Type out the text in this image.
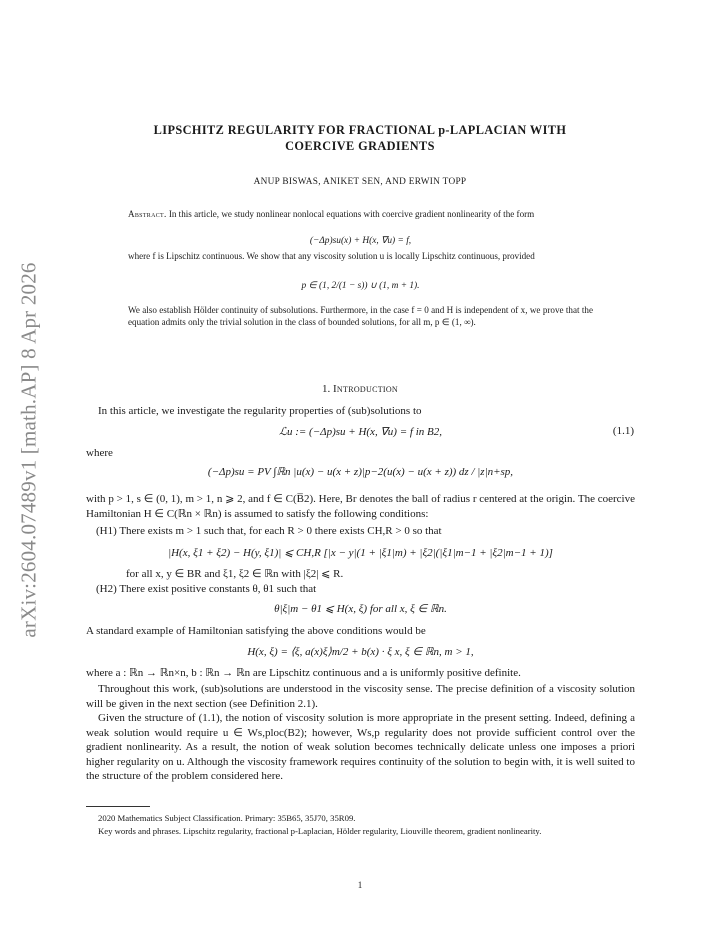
arXiv:2604.07489v1 [math.AP] 8 Apr 2026
LIPSCHITZ REGULARITY FOR FRACTIONAL p-LAPLACIAN WITH
COERCIVE GRADIENTS
ANUP BISWAS, ANIKET SEN, AND ERWIN TOPP
Abstract. In this article, we study nonlinear nonlocal equations with coercive gradient nonlinearity of the form
(−Δp)su(x) + H(x, ∇u) = f,
where f is Lipschitz continuous. We show that any viscosity solution u is locally Lipschitz continuous, provided
p ∈ (1, 2/(1 − s)) ∪ (1, m + 1).
We also establish Hölder continuity of subsolutions. Furthermore, in the case f = 0 and H is independent of x, we prove that the equation admits only the trivial solution in the class of bounded solutions, for all m, p ∈ (1, ∞).
1. Introduction
In this article, we investigate the regularity properties of (sub)solutions to
ℒu := (−Δp)su + H(x, ∇u) = f in B2,	(1.1)
where
(−Δp)su = PV ∫ℝn |u(x) − u(x + z)|p−2(u(x) − u(x + z)) dz / |z|n+sp,
with p > 1, s ∈ (0, 1), m > 1, n ⩾ 2, and f ∈ C(B̅2). Here, Br denotes the ball of radius r centered at the origin. The coercive Hamiltonian H ∈ C(ℝn × ℝn) is assumed to satisfy the following conditions:
(H1) There exists m > 1 such that, for each R > 0 there exists CH,R > 0 so that
|H(x, ξ1 + ξ2) − H(y, ξ1)| ⩽ CH,R [|x − y|(1 + |ξ1|m) + |ξ2|(|ξ1|m−1 + |ξ2|m−1 + 1)]
for all x, y ∈ BR and ξ1, ξ2 ∈ ℝn with |ξ2| ⩽ R.
(H2) There exist positive constants θ, θ1 such that
θ|ξ|m − θ1 ⩽ H(x, ξ) for all x, ξ ∈ ℝn.
A standard example of Hamiltonian satisfying the above conditions would be
H(x, ξ) = ⟨ξ, a(x)ξ⟩m/2 + b(x) · ξ x, ξ ∈ ℝn, m > 1,
where a : ℝn → ℝn×n, b : ℝn → ℝn are Lipschitz continuous and a is uniformly positive definite.
Throughout this work, (sub)solutions are understood in the viscosity sense. The precise definition of a viscosity solution will be given in the next section (see Definition 2.1).
Given the structure of (1.1), the notion of viscosity solution is more appropriate in the present setting. Indeed, defining a weak solution would require u ∈ Ws,ploc(B2); however, Ws,p regularity does not provide sufficient control over the gradient nonlinearity. As a result, the notion of weak solution becomes technically delicate unless one imposes a priori higher regularity on u. Although the viscosity framework requires continuity of the solution to begin with, it is well suited to the structure of the problem considered here.
2020 Mathematics Subject Classification. Primary: 35B65, 35J70, 35R09.
Key words and phrases. Lipschitz regularity, fractional p-Laplacian, Hölder regularity, Liouville theorem, gradient nonlinearity.
1
